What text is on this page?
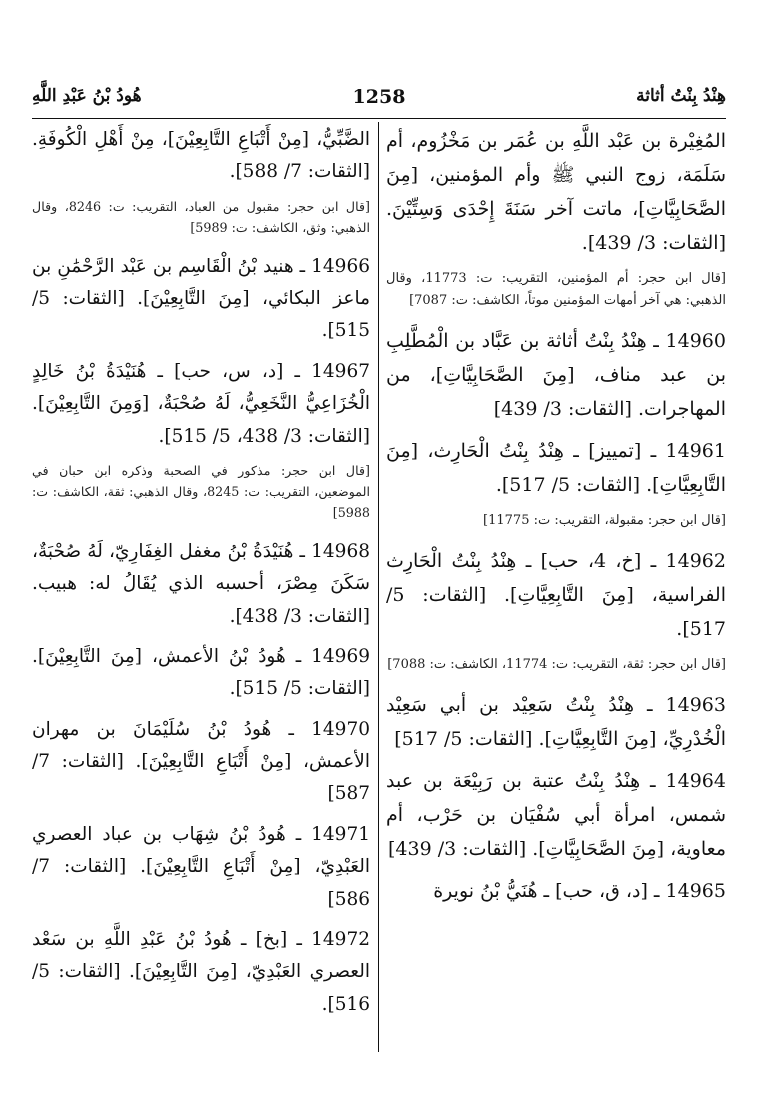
1258	هِنْدُ بِنْتُ أثاثة
هُودُ بْنُ عَبْدِ اللَّهِ

المُغِيْرة بن عَبْد اللَّهِ بن عُمَر بن مَخْزُوم، أم سَلَمَة، زوج النبي ﷺ وأم المؤمنين، [مِنَ الصَّحَابِيَّاتِ]، ماتت آخر سَنَةَ إِحْدَى وَسِتِّيْنَ. [الثقات: 3/ 439].

[قال ابن حجر: أم المؤمنين، التقريب: ت: 11773، وقال الذهبي: هي آخر أمهات المؤمنين موتاً، الكاشف: ت: 7087]

14960 ـ هِنْدُ بِنْتُ أثاثة بن عَبَّاد بن الْمُطَّلِبِ بن عبد مناف، [مِنَ الصَّحَابِيَّاتِ]، من المهاجرات. [الثقات: 3/ 439]

14961 ـ [تمييز] ـ هِنْدُ بِنْتُ الْحَارِث، [مِنَ التَّابِعِيَّاتِ]. [الثقات: 5/ 517].

[قال ابن حجر: مقبولة، التقريب: ت: 11775]

14962 ـ [خ، 4، حب] ـ هِنْدُ بِنْتُ الْحَارِث الفراسية، [مِنَ التَّابِعِيَّاتِ]. [الثقات: 5/ 517].

[قال ابن حجر: ثقة، التقريب: ت: 11774، الكاشف: ت: 7088]

14963 ـ هِنْدُ بِنْتُ سَعِيْد بن أبي سَعِيْد الْخُدْرِيِّ، [مِنَ التَّابِعِيَّاتِ]. [الثقات: 5/ 517]

14964 ـ هِنْدُ بِنْتُ عتبة بن رَبِيْعَة بن عبد شمس، امرأة أبي سُفْيَان بن حَرْب، أم معاوية، [مِنَ الصَّحَابِيَّاتِ]. [الثقات: 3/ 439]

14965 ـ [د، ق، حب] ـ هُنَيُّ بْنُ نويرة

الضَّبِّيُّ، [مِنْ أَتْبَاعِ التَّابِعِيْنَ]، مِنْ أَهْلِ الْكُوفَةِ. [الثقات: 7/ 588].

[قال ابن حجر: مقبول من العباد، التقريب: ت: 8246، وقال الذهبي: وثق، الكاشف: ت: 5989]

14966 ـ هنيد بْنُ الْقَاسِم بن عَبْد الرَّحْمَٰنِ بن ماعز البكائي، [مِنَ التَّابِعِيْنَ]. [الثقات: 5/ 515].

14967 ـ [د، س، حب] ـ هُنَيْدَةُ بْنُ خَالِدٍ الْخُزَاعِيُّ النَّخَعِيُّ، لَهُ صُحْبَةٌ، [وَمِنَ التَّابِعِيْنَ]. [الثقات: 3/ 438، 5/ 515].

[قال ابن حجر: مذكور في الصحبة وذكره ابن حبان في الموضعين، التقريب: ت: 8245، وقال الذهبي: ثقة، الكاشف: ت: 5988]

14968 ـ هُنَيْدَةُ بْنُ مغفل الغِفَارِيّ، لَهُ صُحْبَةٌ، سَكَنَ مِصْرَ، أحسبه الذي يُقَالُ له: هبيب. [الثقات: 3/ 438].

14969 ـ هُودُ بْنُ الأعمش، [مِنَ التَّابِعِيْنَ]. [الثقات: 5/ 515].

14970 ـ هُودُ بْنُ سُلَيْمَانَ بن مهران الأعمش، [مِنْ أَتْبَاعِ التَّابِعِيْنَ]. [الثقات: 7/ 587]

14971 ـ هُودُ بْنُ شِهَاب بن عباد العصري العَبْدِيّ، [مِنْ أَتْبَاعِ التَّابِعِيْنَ]. [الثقات: 7/ 586]

14972 ـ [بخ] ـ هُودُ بْنُ عَبْدِ اللَّهِ بن سَعْد العصري العَبْدِيّ، [مِنَ التَّابِعِيْنَ]. [الثقات: 5/ 516].
